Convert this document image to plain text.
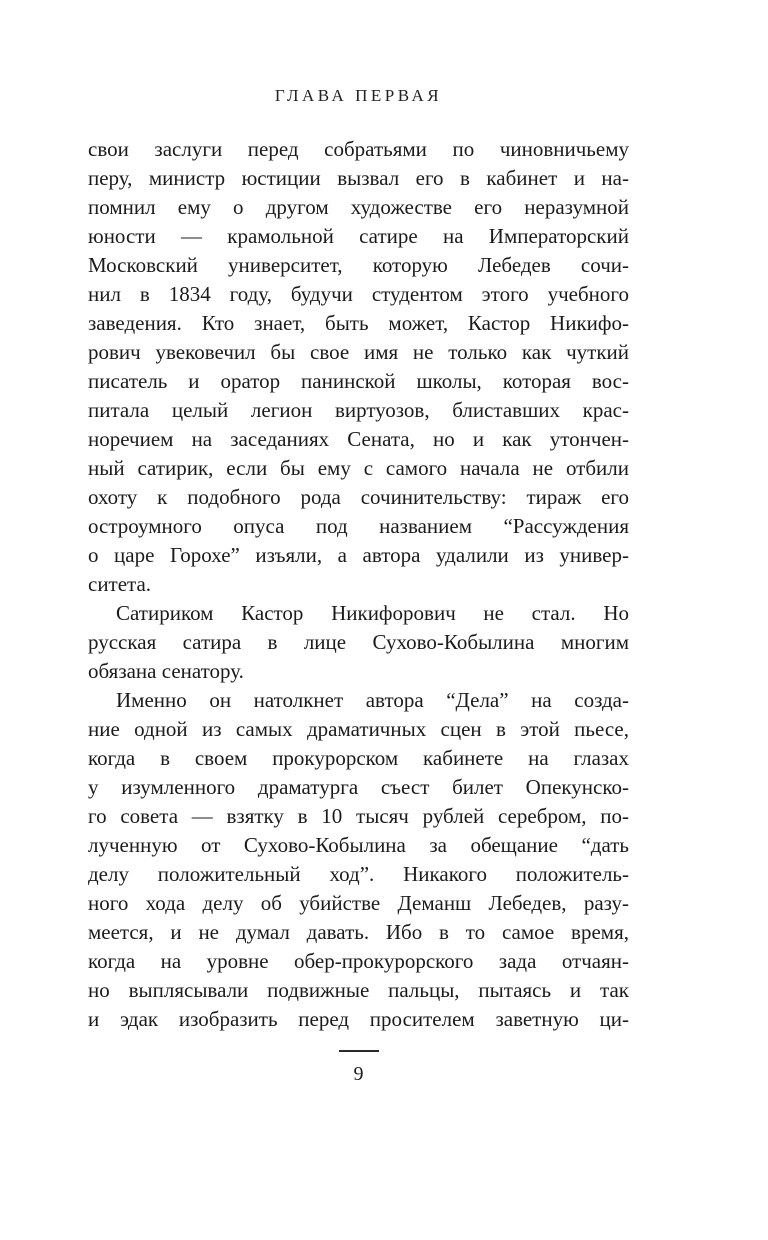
ГЛАВА ПЕРВАЯ
свои заслуги перед собратьями по чиновничьему
перу, министр юстиции вызвал его в кабинет и на-
помнил ему о другом художестве его неразумной
юности — крамольной сатире на Императорский
Московский университет, которую Лебедев сочи-
нил в 1834 году, будучи студентом этого учебного
заведения. Кто знает, быть может, Кастор Никифо-
рович увековечил бы свое имя не только как чуткий
писатель и оратор панинской школы, которая вос-
питала целый легион виртуозов, блиставших крас-
норечием на заседаниях Сената, но и как утончен-
ный сатирик, если бы ему с самого начала не отбили
охоту к подобного рода сочинительству: тираж его
остроумного опуса под названием “Рассуждения
о царе Горохе” изъяли, а автора удалили из универ-
ситета.
Сатириком Кастор Никифорович не стал. Но
русская сатира в лице Сухово-Кобылина многим
обязана сенатору.
Именно он натолкнет автора “Дела” на созда-
ние одной из самых драматичных сцен в этой пьесе,
когда в своем прокурорском кабинете на глазах
у изумленного драматурга съест билет Опекунско-
го совета — взятку в 10 тысяч рублей серебром, по-
лученную от Сухово-Кобылина за обещание “дать
делу положительный ход”. Никакого положитель-
ного хода делу об убийстве Деманш Лебедев, разу-
меется, и не думал давать. Ибо в то самое время,
когда на уровне обер-прокурорского зада отчаян-
но выплясывали подвижные пальцы, пытаясь и так
и эдак изобразить перед просителем заветную ци-
9
